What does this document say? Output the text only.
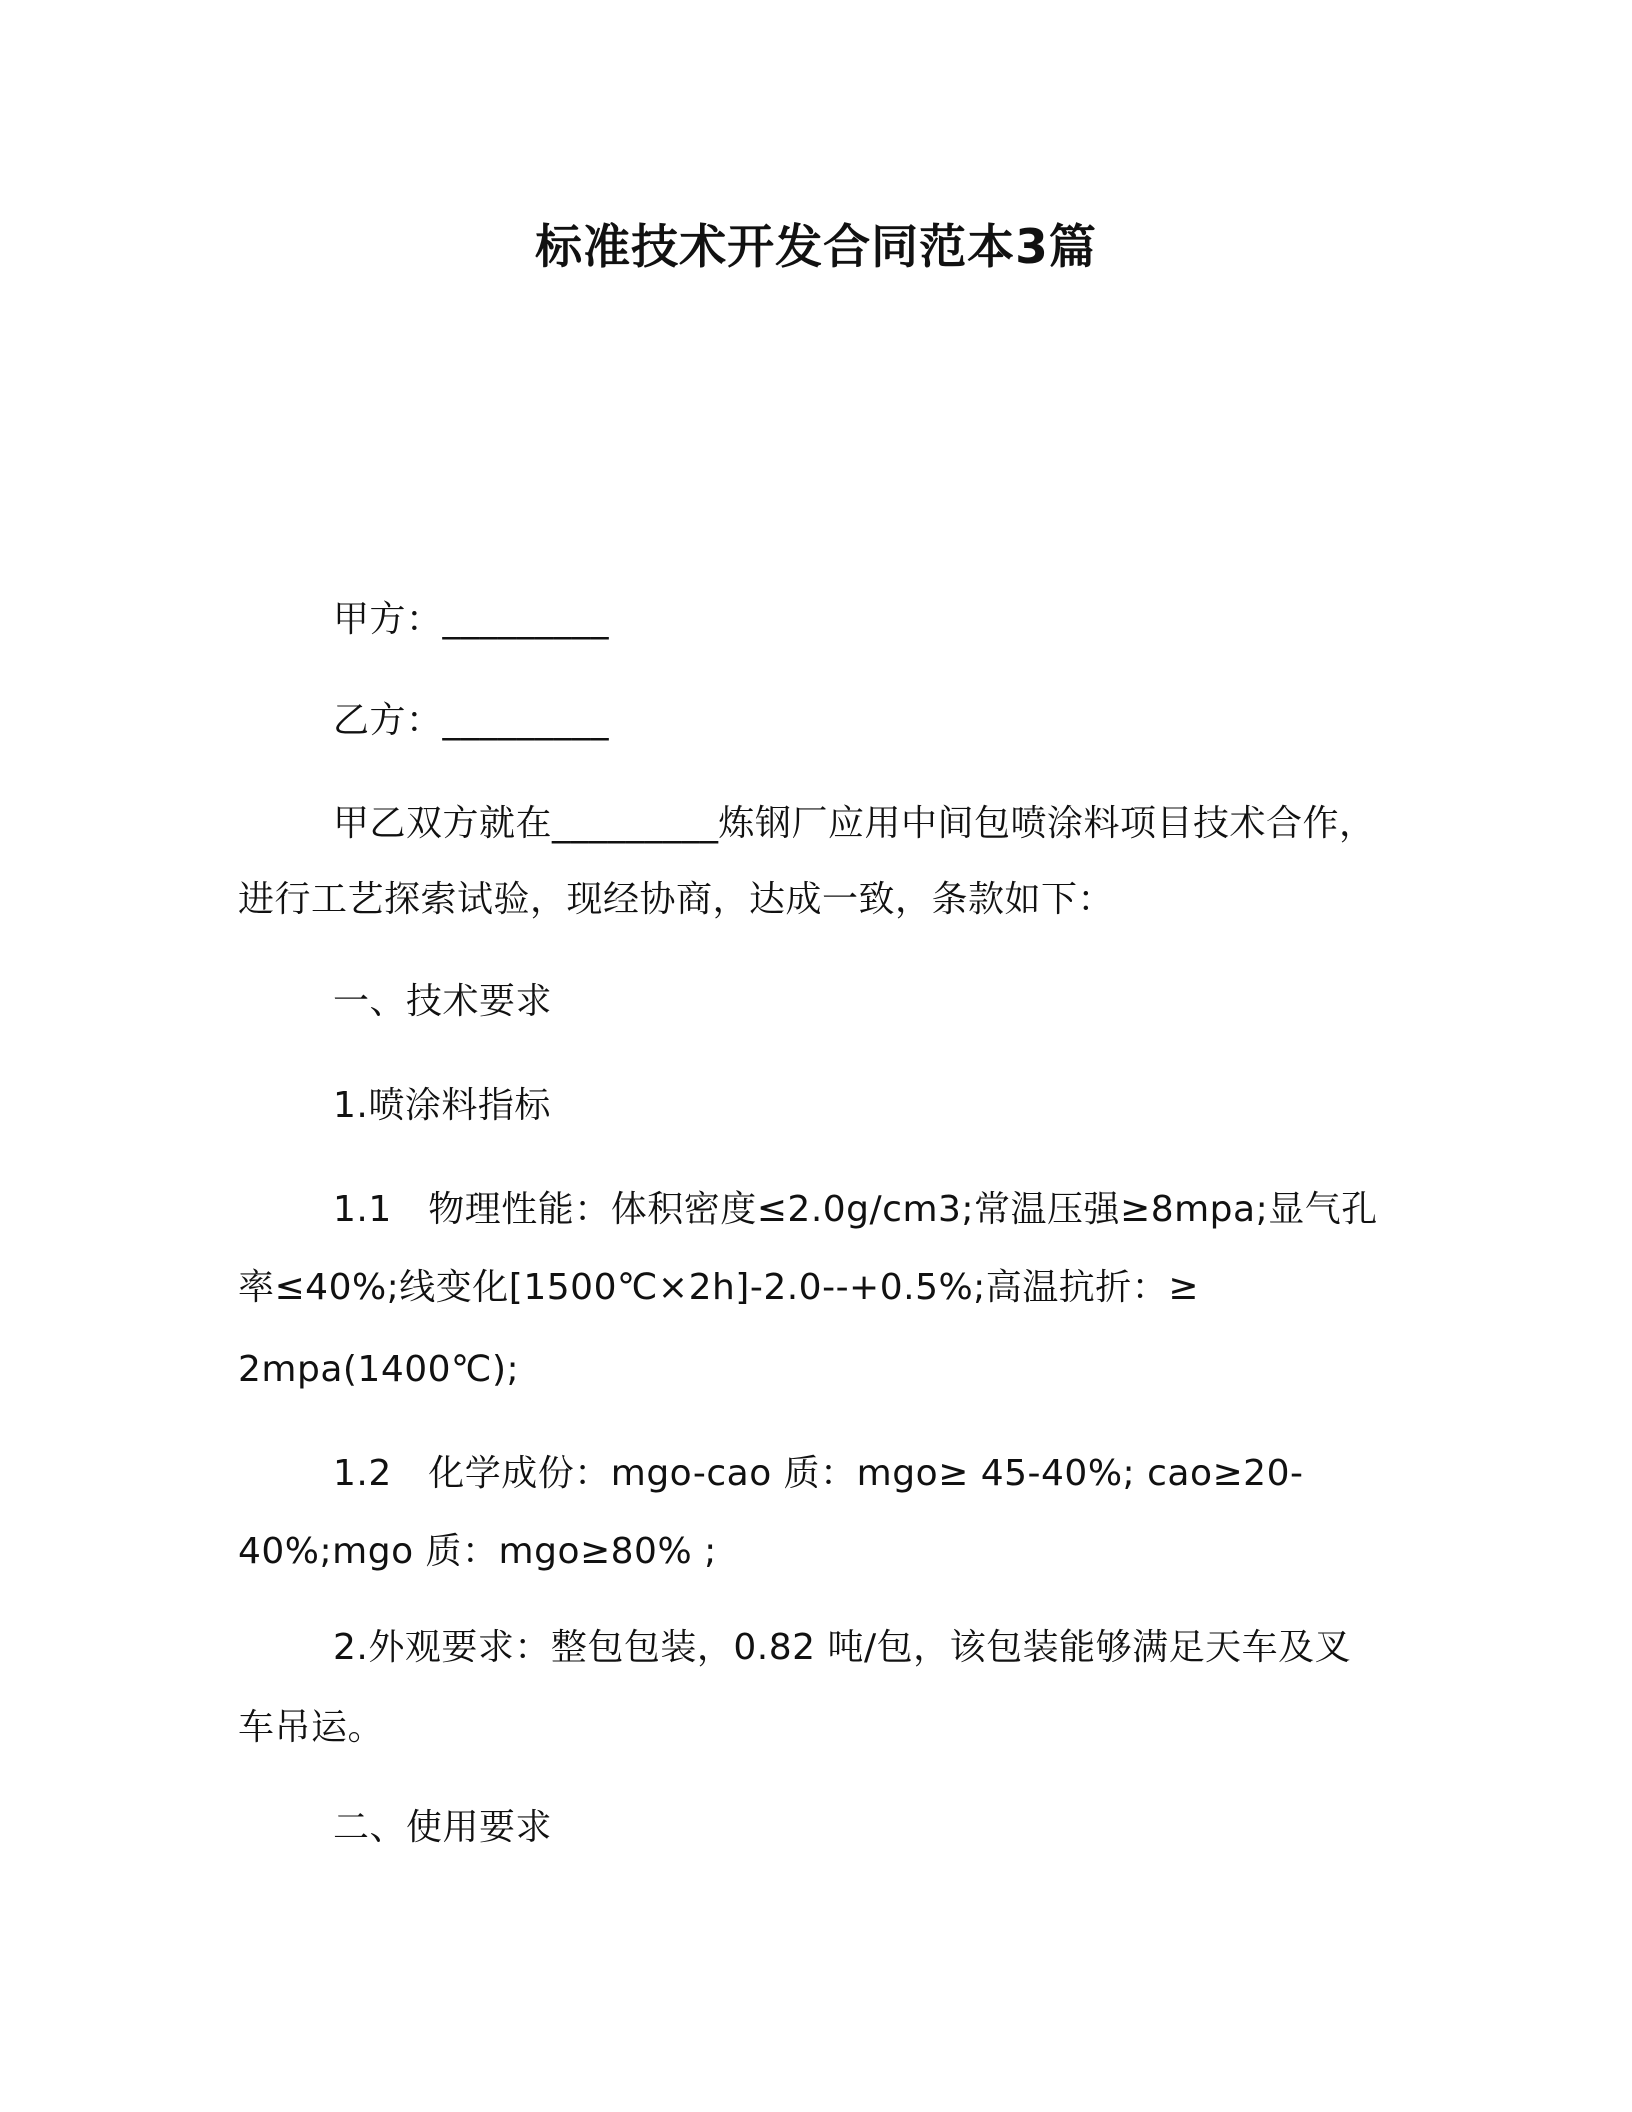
标准技术开发合同范本3篇
甲方：_________
乙方：_________
甲乙双方就在_________炼钢厂应用中间包喷涂料项目技术合作，
进行工艺探索试验，现经协商，达成一致，条款如下：
一、技术要求
1.喷涂料指标
1.1　物理性能：体积密度≤2.0g/cm3;常温压强≥8mpa;显气孔
率≤40%;线变化[1500℃×2h]-2.0--+0.5%;高温抗折：≥
2mpa(1400℃);
1.2　化学成份：mgo-cao 质：mgo≥ 45-40%; cao≥20-
40%;mgo 质：mgo≥80% ;
2.外观要求：整包包装，0.82 吨/包，该包装能够满足天车及叉
车吊运。
二、使用要求
